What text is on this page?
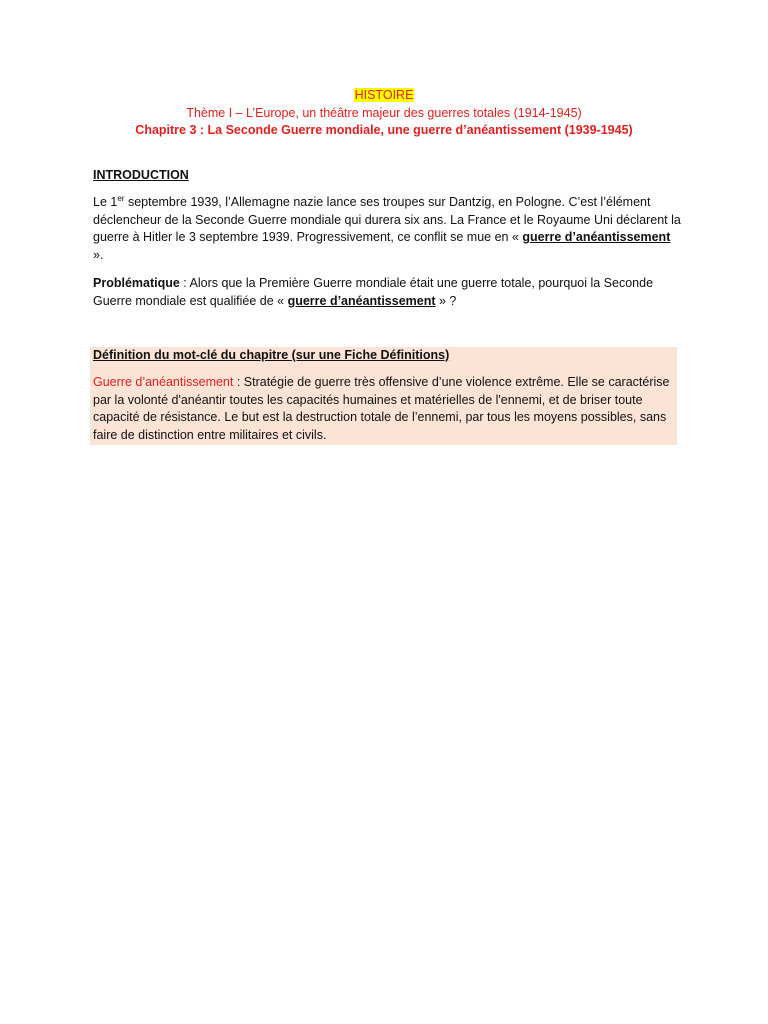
HISTOIRE
Thème I – L’Europe, un théâtre majeur des guerres totales (1914-1945)
Chapitre 3 : La Seconde Guerre mondiale, une guerre d’anéantissement (1939-1945)
INTRODUCTION
Le 1er septembre 1939, l’Allemagne nazie lance ses troupes sur Dantzig, en Pologne. C’est l’élément déclencheur de la Seconde Guerre mondiale qui durera six ans. La France et le Royaume Uni déclarent la guerre à Hitler le 3 septembre 1939. Progressivement, ce conflit se mue en « guerre d’anéantissement ».
Problématique : Alors que la Première Guerre mondiale était une guerre totale, pourquoi la Seconde Guerre mondiale est qualifiée de « guerre d’anéantissement » ?
Définition du mot-clé du chapitre (sur une Fiche Définitions)
Guerre d’anéantissement : Stratégie de guerre très offensive d’une violence extrême. Elle se caractérise par la volonté d'anéantir toutes les capacités humaines et matérielles de l'ennemi, et de briser toute capacité de résistance. Le but est la destruction totale de l’ennemi, par tous les moyens possibles, sans faire de distinction entre militaires et civils.
